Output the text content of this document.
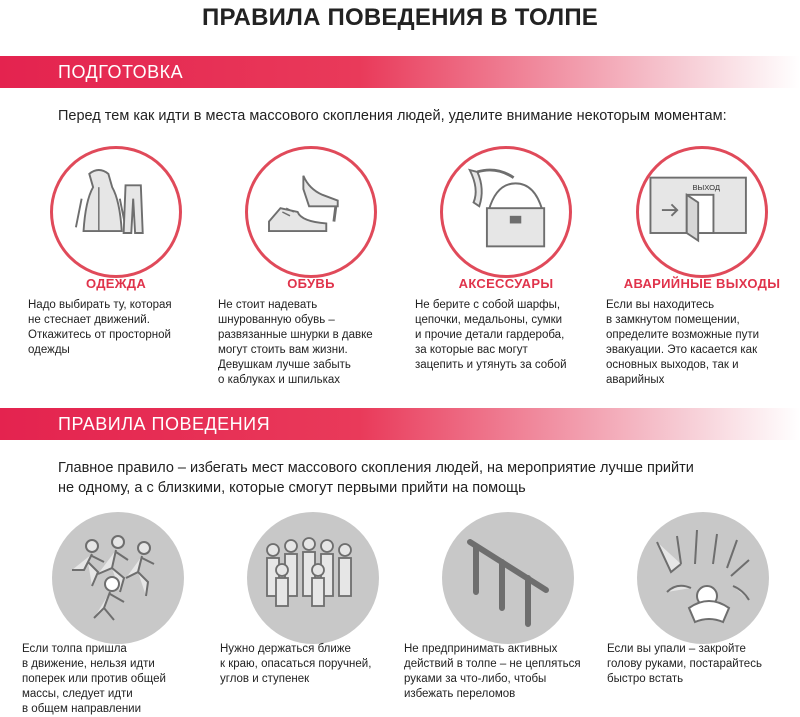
ПРАВИЛА ПОВЕДЕНИЯ В ТОЛПЕ
ПОДГОТОВКА
Перед тем как идти в места массового скопления людей, уделите внимание некоторым моментам:
ВЫХОД
ОДЕЖДА	ОБУВЬ	АКСЕССУАРЫ	АВАРИЙНЫЕ ВЫХОДЫ
Надо выбирать ту, которая
не стеснает движений.
Откажитесь от просторной
одежды
Не стоит надевать
шнурованную обувь –
развязанные шнурки в давке
могут стоить вам жизни.
Девушкам лучше забыть
о каблуках и шпильках
Не берите с собой шарфы,
цепочки, медальоны, сумки
и прочие детали гардероба,
за которые вас могут
зацепить и утянуть за собой
Если вы находитесь
в замкнутом помещении,
определите возможные пути
эвакуации. Это касается как
основных выходов, так и
аварийных
ПРАВИЛА ПОВЕДЕНИЯ
Главное правило – избегать мест массового скопления людей, на мероприятие лучше прийти
не одному, а с близкими, которые смогут первыми прийти на помощь
Если толпа пришла
в движение, нельзя идти
поперек или против общей
массы, следует идти
в общем направлении
Нужно держаться ближе
к краю, опасаться поручней,
углов и ступенек
Не предпринимать активных
действий в толпе – не цепляться
руками за что-либо, чтобы
избежать переломов
Если вы упали – закройте
голову руками, постарайтесь
быстро встать
